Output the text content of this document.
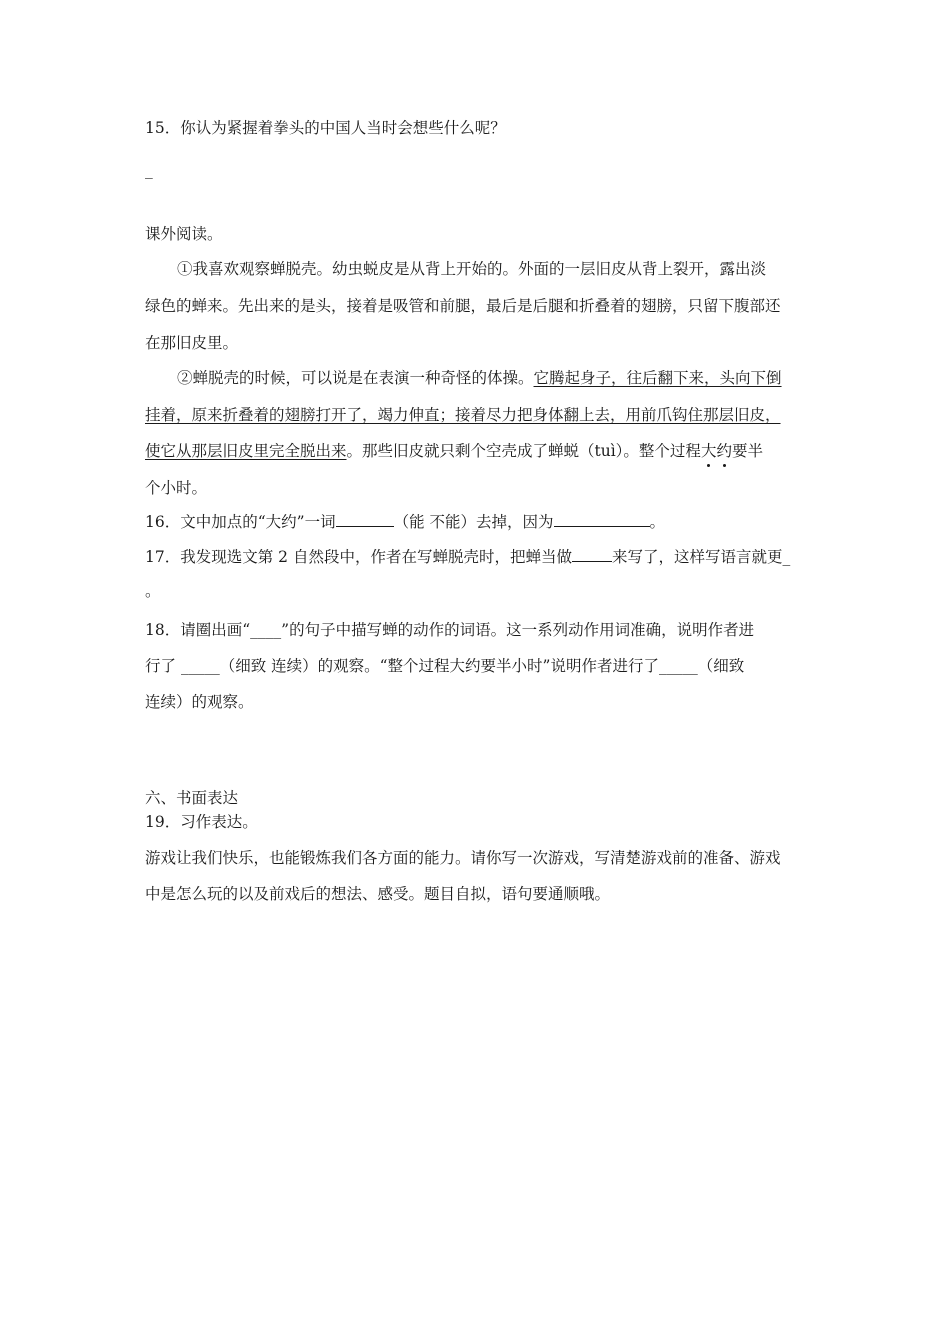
15．你认为紧握着拳头的中国人当时会想些什么呢？
_
课外阅读。
①我喜欢观察蝉脱壳。幼虫蜕皮是从背上开始的。外面的一层旧皮从背上裂开，露出淡
绿色的蝉来。先出来的是头，接着是吸管和前腿，最后是后腿和折叠着的翅膀，只留下腹部还
在那旧皮里。
②蝉脱壳的时候，可以说是在表演一种奇怪的体操。它腾起身子，往后翻下来，头向下倒
挂着，原来折叠着的翅膀打开了，竭力伸直；接着尽力把身体翻上去，用前爪钩住那层旧皮，
使它从那层旧皮里完全脱出来。那些旧皮就只剩个空壳成了蝉蜕（tuì）。整个过程大约要半
个小时。
16．文中加点的“大约”一词	（能 不能）去掉，因为	。
17．我发现选文第 2 自然段中，作者在写蝉脱壳时，把蝉当做	来写了，这样写语言就更_
。
18．请圈出画“____”的句子中描写蝉的动作的词语。这一系列动作用词准确，说明作者进
行了 _____（细致 连续）的观察。“整个过程大约要半小时”说明作者进行了_____（细致
连续）的观察。
六、书面表达
19．习作表达。
游戏让我们快乐，也能锻炼我们各方面的能力。请你写一次游戏，写清楚游戏前的准备、游戏
中是怎么玩的以及前戏后的想法、感受。题目自拟，语句要通顺哦。
